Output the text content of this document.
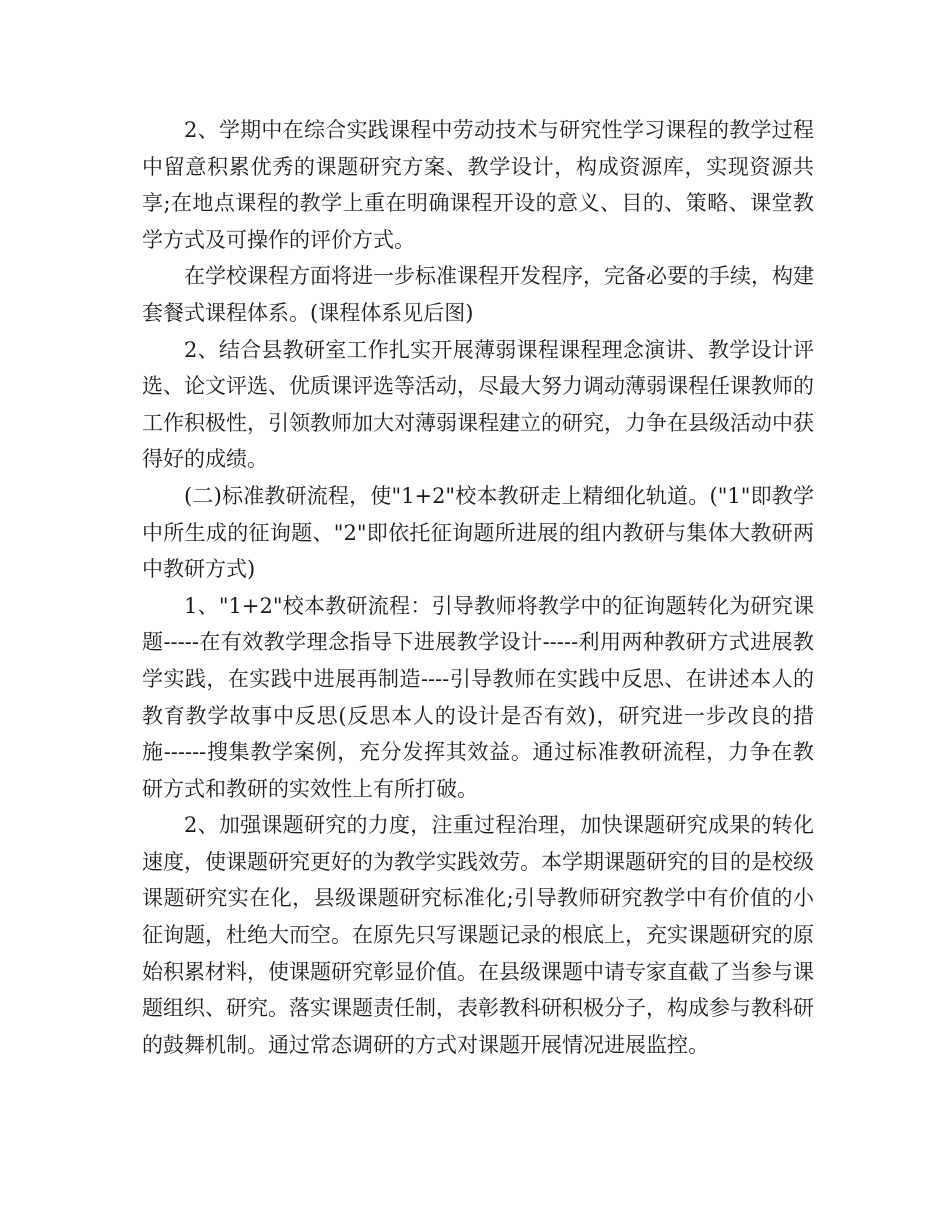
2、学期中在综合实践课程中劳动技术与研究性学习课程的教学过程中留意积累优秀的课题研究方案、教学设计，构成资源库，实现资源共享;在地点课程的教学上重在明确课程开设的意义、目的、策略、课堂教学方式及可操作的评价方式。

在学校课程方面将进一步标准课程开发程序，完备必要的手续，构建套餐式课程体系。(课程体系见后图)

2、结合县教研室工作扎实开展薄弱课程课程理念演讲、教学设计评选、论文评选、优质课评选等活动，尽最大努力调动薄弱课程任课教师的工作积极性，引领教师加大对薄弱课程建立的研究，力争在县级活动中获得好的成绩。

(二)标准教研流程，使"1+2"校本教研走上精细化轨道。("1"即教学中所生成的征询题、"2"即依托征询题所进展的组内教研与集体大教研两中教研方式)

1、"1+2"校本教研流程：引导教师将教学中的征询题转化为研究课题-----在有效教学理念指导下进展教学设计-----利用两种教研方式进展教学实践，在实践中进展再制造----引导教师在实践中反思、在讲述本人的教育教学故事中反思(反思本人的设计是否有效)，研究进一步改良的措施------搜集教学案例，充分发挥其效益。通过标准教研流程，力争在教研方式和教研的实效性上有所打破。

2、加强课题研究的力度，注重过程治理，加快课题研究成果的转化速度，使课题研究更好的为教学实践效劳。本学期课题研究的目的是校级课题研究实在化，县级课题研究标准化;引导教师研究教学中有价值的小征询题，杜绝大而空。在原先只写课题记录的根底上，充实课题研究的原始积累材料，使课题研究彰显价值。在县级课题中请专家直截了当参与课题组织、研究。落实课题责任制，表彰教科研积极分子，构成参与教科研的鼓舞机制。通过常态调研的方式对课题开展情况进展监控。
